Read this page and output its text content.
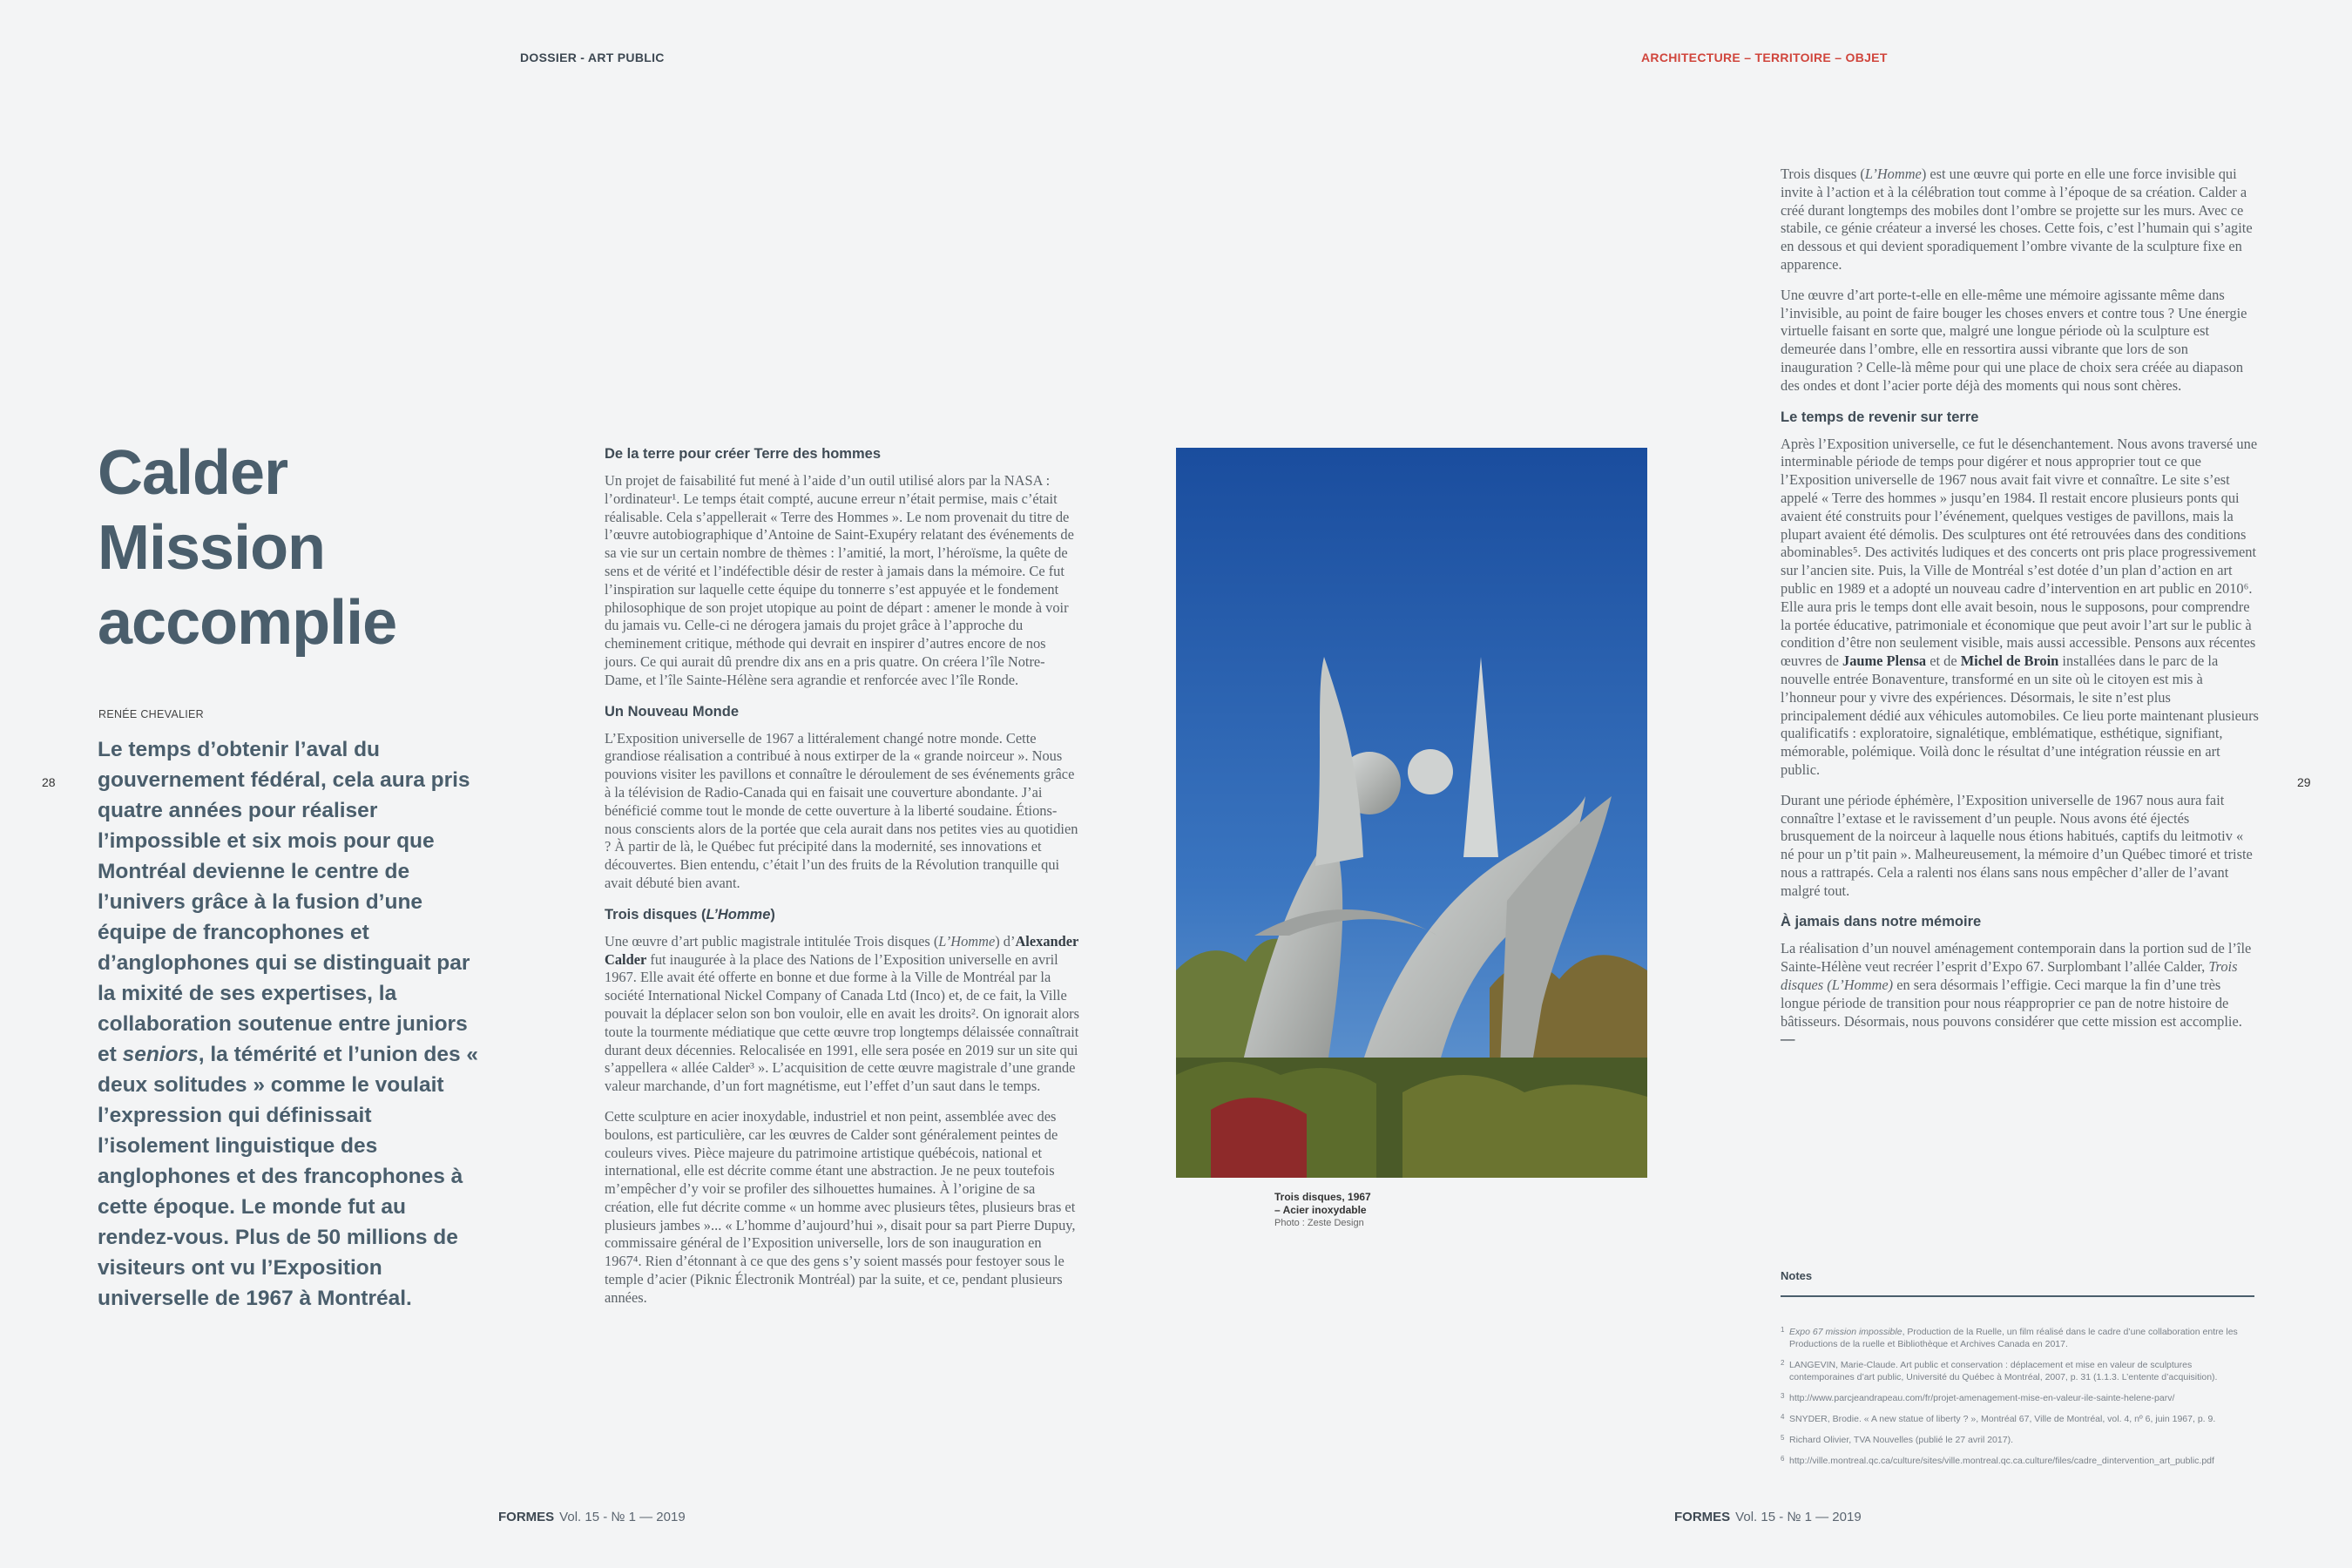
DOSSIER - ART PUBLIC	ARCHITECTURE – TERRITOIRE – OBJET
28	29
Calder
Mission
accomplie
RENÉE CHEVALIER
Le temps d’obtenir l’aval du gouvernement fédéral, cela aura pris quatre années pour réaliser l’impossible et six mois pour que Montréal devienne le centre de l’univers grâce à la fusion d’une équipe de francophones et d’anglophones qui se distinguait par la mixité de ses expertises, la collaboration soutenue entre juniors et seniors, la témérité et l’union des « deux solitudes » comme le voulait l’expression qui définissait l’isolement linguistique des anglophones et des francophones à cette époque. Le monde fut au rendez-vous. Plus de 50 millions de visiteurs ont vu l’Exposition universelle de 1967 à Montréal.
De la terre pour créer Terre des hommes

Un projet de faisabilité fut mené à l’aide d’un outil utilisé alors par la NASA : l’ordinateur¹. Le temps était compté, aucune erreur n’était permise, mais c’était réalisable. Cela s’appellerait « Terre des Hommes ». Le nom provenait du titre de l’œuvre autobiographique d’Antoine de Saint-Exupéry relatant des événements de sa vie sur un certain nombre de thèmes : l’amitié, la mort, l’héroïsme, la quête de sens et de vérité et l’indéfectible désir de rester à jamais dans la mémoire. Ce fut l’inspiration sur laquelle cette équipe du tonnerre s’est appuyée et le fondement philosophique de son projet utopique au point de départ : amener le monde à voir du jamais vu. Celle-ci ne dérogera jamais du projet grâce à l’approche du cheminement critique, méthode qui devrait en inspirer d’autres encore de nos jours. Ce qui aurait dû prendre dix ans en a pris quatre. On créera l’île Notre-Dame, et l’île Sainte-Hélène sera agrandie et renforcée avec l’île Ronde.

Un Nouveau Monde

L’Exposition universelle de 1967 a littéralement changé notre monde. Cette grandiose réalisation a contribué à nous extirper de la « grande noirceur ». Nous pouvions visiter les pavillons et connaître le déroulement de ses événements grâce à la télévision de Radio-Canada qui en faisait une couverture abondante. J’ai bénéficié comme tout le monde de cette ouverture à la liberté soudaine. Étions-nous conscients alors de la portée que cela aurait dans nos petites vies au quotidien ? À partir de là, le Québec fut précipité dans la modernité, ses innovations et découvertes. Bien entendu, c’était l’un des fruits de la Révolution tranquille qui avait débuté bien avant.

Trois disques (L’Homme)

Une œuvre d’art public magistrale intitulée Trois disques (L’Homme) d’Alexander Calder fut inaugurée à la place des Nations de l’Exposition universelle en avril 1967. Elle avait été offerte en bonne et due forme à la Ville de Montréal par la société International Nickel Company of Canada Ltd (Inco) et, de ce fait, la Ville pouvait la déplacer selon son bon vouloir, elle en avait les droits². On ignorait alors toute la tourmente médiatique que cette œuvre trop longtemps délaissée connaîtrait durant deux décennies. Relocalisée en 1991, elle sera posée en 2019 sur un site qui s’appellera « allée Calder³ ». L’acquisition de cette œuvre magistrale d’une grande valeur marchande, d’un fort magnétisme, eut l’effet d’un saut dans le temps.

Cette sculpture en acier inoxydable, industriel et non peint, assemblée avec des boulons, est particulière, car les œuvres de Calder sont généralement peintes de couleurs vives. Pièce majeure du patrimoine artistique québécois, national et international, elle est décrite comme étant une abstraction. Je ne peux toutefois m’empêcher d’y voir se profiler des silhouettes humaines. À l’origine de sa création, elle fut décrite comme « un homme avec plusieurs têtes, plusieurs bras et plusieurs jambes »... « L’homme d’aujourd’hui », disait pour sa part Pierre Dupuy, commissaire général de l’Exposition universelle, lors de son inauguration en 1967⁴. Rien d’étonnant à ce que des gens s’y soient massés pour festoyer sous le temple d’acier (Piknic Électronik Montréal) par la suite, et ce, pendant plusieurs années.

Trois disques, 1967
– Acier inoxydable
Photo : Zeste Design

Trois disques (L’Homme) est une œuvre qui porte en elle une force invisible qui invite à l’action et à la célébration tout comme à l’époque de sa création. Calder a créé durant longtemps des mobiles dont l’ombre se projette sur les murs. Avec ce stabile, ce génie créateur a inversé les choses. Cette fois, c’est l’humain qui s’agite en dessous et qui devient sporadiquement l’ombre vivante de la sculpture fixe en apparence.

Une œuvre d’art porte-t-elle en elle-même une mémoire agissante même dans l’invisible, au point de faire bouger les choses envers et contre tous ? Une énergie virtuelle faisant en sorte que, malgré une longue période où la sculpture est demeurée dans l’ombre, elle en ressortira aussi vibrante que lors de son inauguration ? Celle-là même pour qui une place de choix sera créée au diapason des ondes et dont l’acier porte déjà des moments qui nous sont chères.

Le temps de revenir sur terre

Après l’Exposition universelle, ce fut le désenchantement. Nous avons traversé une interminable période de temps pour digérer et nous approprier tout ce que l’Exposition universelle de 1967 nous avait fait vivre et connaître. Le site s’est appelé « Terre des hommes » jusqu’en 1984. Il restait encore plusieurs ponts qui avaient été construits pour l’événement, quelques vestiges de pavillons, mais la plupart avaient été démolis. Des sculptures ont été retrouvées dans des conditions abominables⁵. Des activités ludiques et des concerts ont pris place progressivement sur l’ancien site. Puis, la Ville de Montréal s’est dotée d’un plan d’action en art public en 1989 et a adopté un nouveau cadre d’intervention en art public en 2010⁶. Elle aura pris le temps dont elle avait besoin, nous le supposons, pour comprendre la portée éducative, patrimoniale et économique que peut avoir l’art sur le public à condition d’être non seulement visible, mais aussi accessible. Pensons aux récentes œuvres de Jaume Plensa et de Michel de Broin installées dans le parc de la nouvelle entrée Bonaventure, transformé en un site où le citoyen est mis à l’honneur pour y vivre des expériences. Désormais, le site n’est plus principalement dédié aux véhicules automobiles. Ce lieu porte maintenant plusieurs qualificatifs : exploratoire, signalétique, emblématique, esthétique, signifiant, mémorable, polémique. Voilà donc le résultat d’une intégration réussie en art public.

Durant une période éphémère, l’Exposition universelle de 1967 nous aura fait connaître l’extase et le ravissement d’un peuple. Nous avons été éjectés brusquement de la noirceur à laquelle nous étions habitués, captifs du leitmotiv « né pour un p’tit pain ». Malheureusement, la mémoire d’un Québec timoré et triste nous a rattrapés. Cela a ralenti nos élans sans nous empêcher d’aller de l’avant malgré tout.

À jamais dans notre mémoire

La réalisation d’un nouvel aménagement contemporain dans la portion sud de l’île Sainte-Hélène veut recréer l’esprit d’Expo 67. Surplombant l’allée Calder, Trois disques (L’Homme) en sera désormais l’effigie. Ceci marque la fin d’une très longue période de transition pour nous réapproprier ce pan de notre histoire de bâtisseurs. Désormais, nous pouvons considérer que cette mission est accomplie. —

Notes
1 Expo 67 mission impossible, Production de la Ruelle, un film réalisé dans le cadre d’une collaboration entre les Productions de la ruelle et Bibliothèque et Archives Canada en 2017.
2 LANGEVIN, Marie-Claude. Art public et conservation : déplacement et mise en valeur de sculptures contemporaines d’art public, Université du Québec à Montréal, 2007, p. 31 (1.1.3. L’entente d’acquisition).
3 http://www.parcjeandrapeau.com/fr/projet-amenagement-mise-en-valeur-ile-sainte-helene-parv/
4 SNYDER, Brodie. « A new statue of liberty ? », Montréal 67, Ville de Montréal, vol. 4, nº 6, juin 1967, p. 9.
5 Richard Olivier, TVA Nouvelles (publié le 27 avril 2017).
6 http://ville.montreal.qc.ca/culture/sites/ville.montreal.qc.ca.culture/files/cadre_dintervention_art_public.pdf
FORMES Vol. 15 - № 1 — 2019	FORMES Vol. 15 - № 1 — 2019
